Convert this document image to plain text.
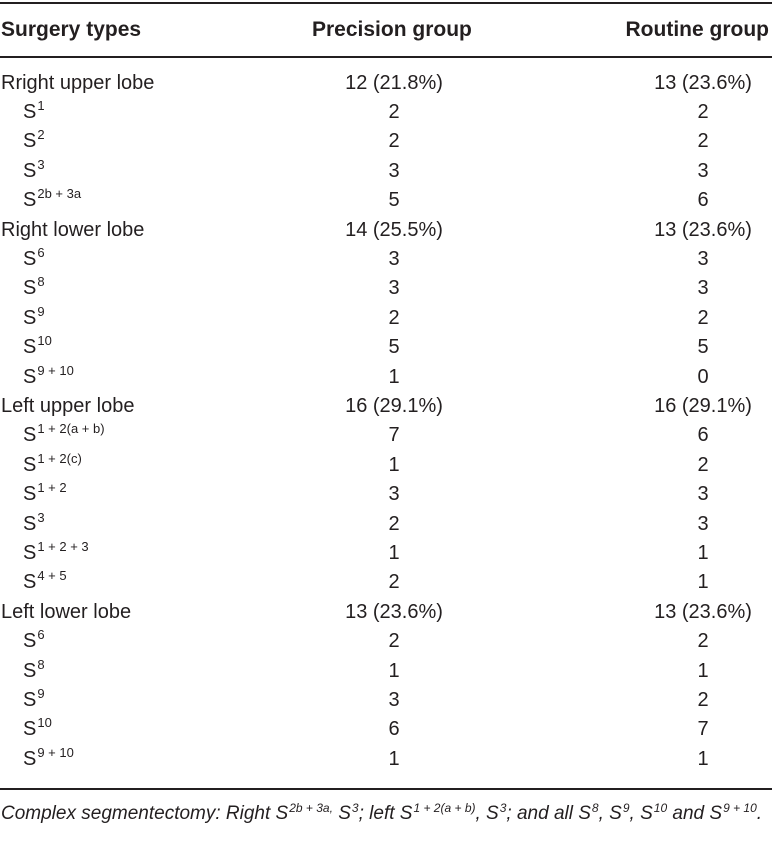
Surgery types	Precision group	Routine group
Rright upper lobe	12 (21.8%)	13 (23.6%)
$S^1$	2	2
$S^2$	2	2
$S^3$	3	3
$S^{2b + 3a}$	5	6
Right lower lobe	14 (25.5%)	13 (23.6%)
$S^6$	3	3
$S^8$	3	3
$S^9$	2	2
$S^{10}$	5	5
$S^{9 + 10}$	1	0
Left upper lobe	16 (29.1%)	16 (29.1%)
$S^{1 + 2(a + b)}$	7	6
$S^{1 + 2(c)}$	1	2
$S^{1 + 2}$	3	3
$S^3$	2	3
$S^{1 + 2 + 3}$	1	1
$S^{4 + 5}$	2	1
Left lower lobe	13 (23.6%)	13 (23.6%)
$S^6$	2	2
$S^8$	1	1
$S^9$	3	2
$S^{10}$	6	7
$S^{9 + 10}$	1	1
Complex segmentectomy: Right $S^{2b + 3a,}$ $S^3$; left $S^{1 + 2(a + b)}$, $S^3$; and all $S^8$, $S^9$, $S^{10}$ and $S^{9 + 10}$.
